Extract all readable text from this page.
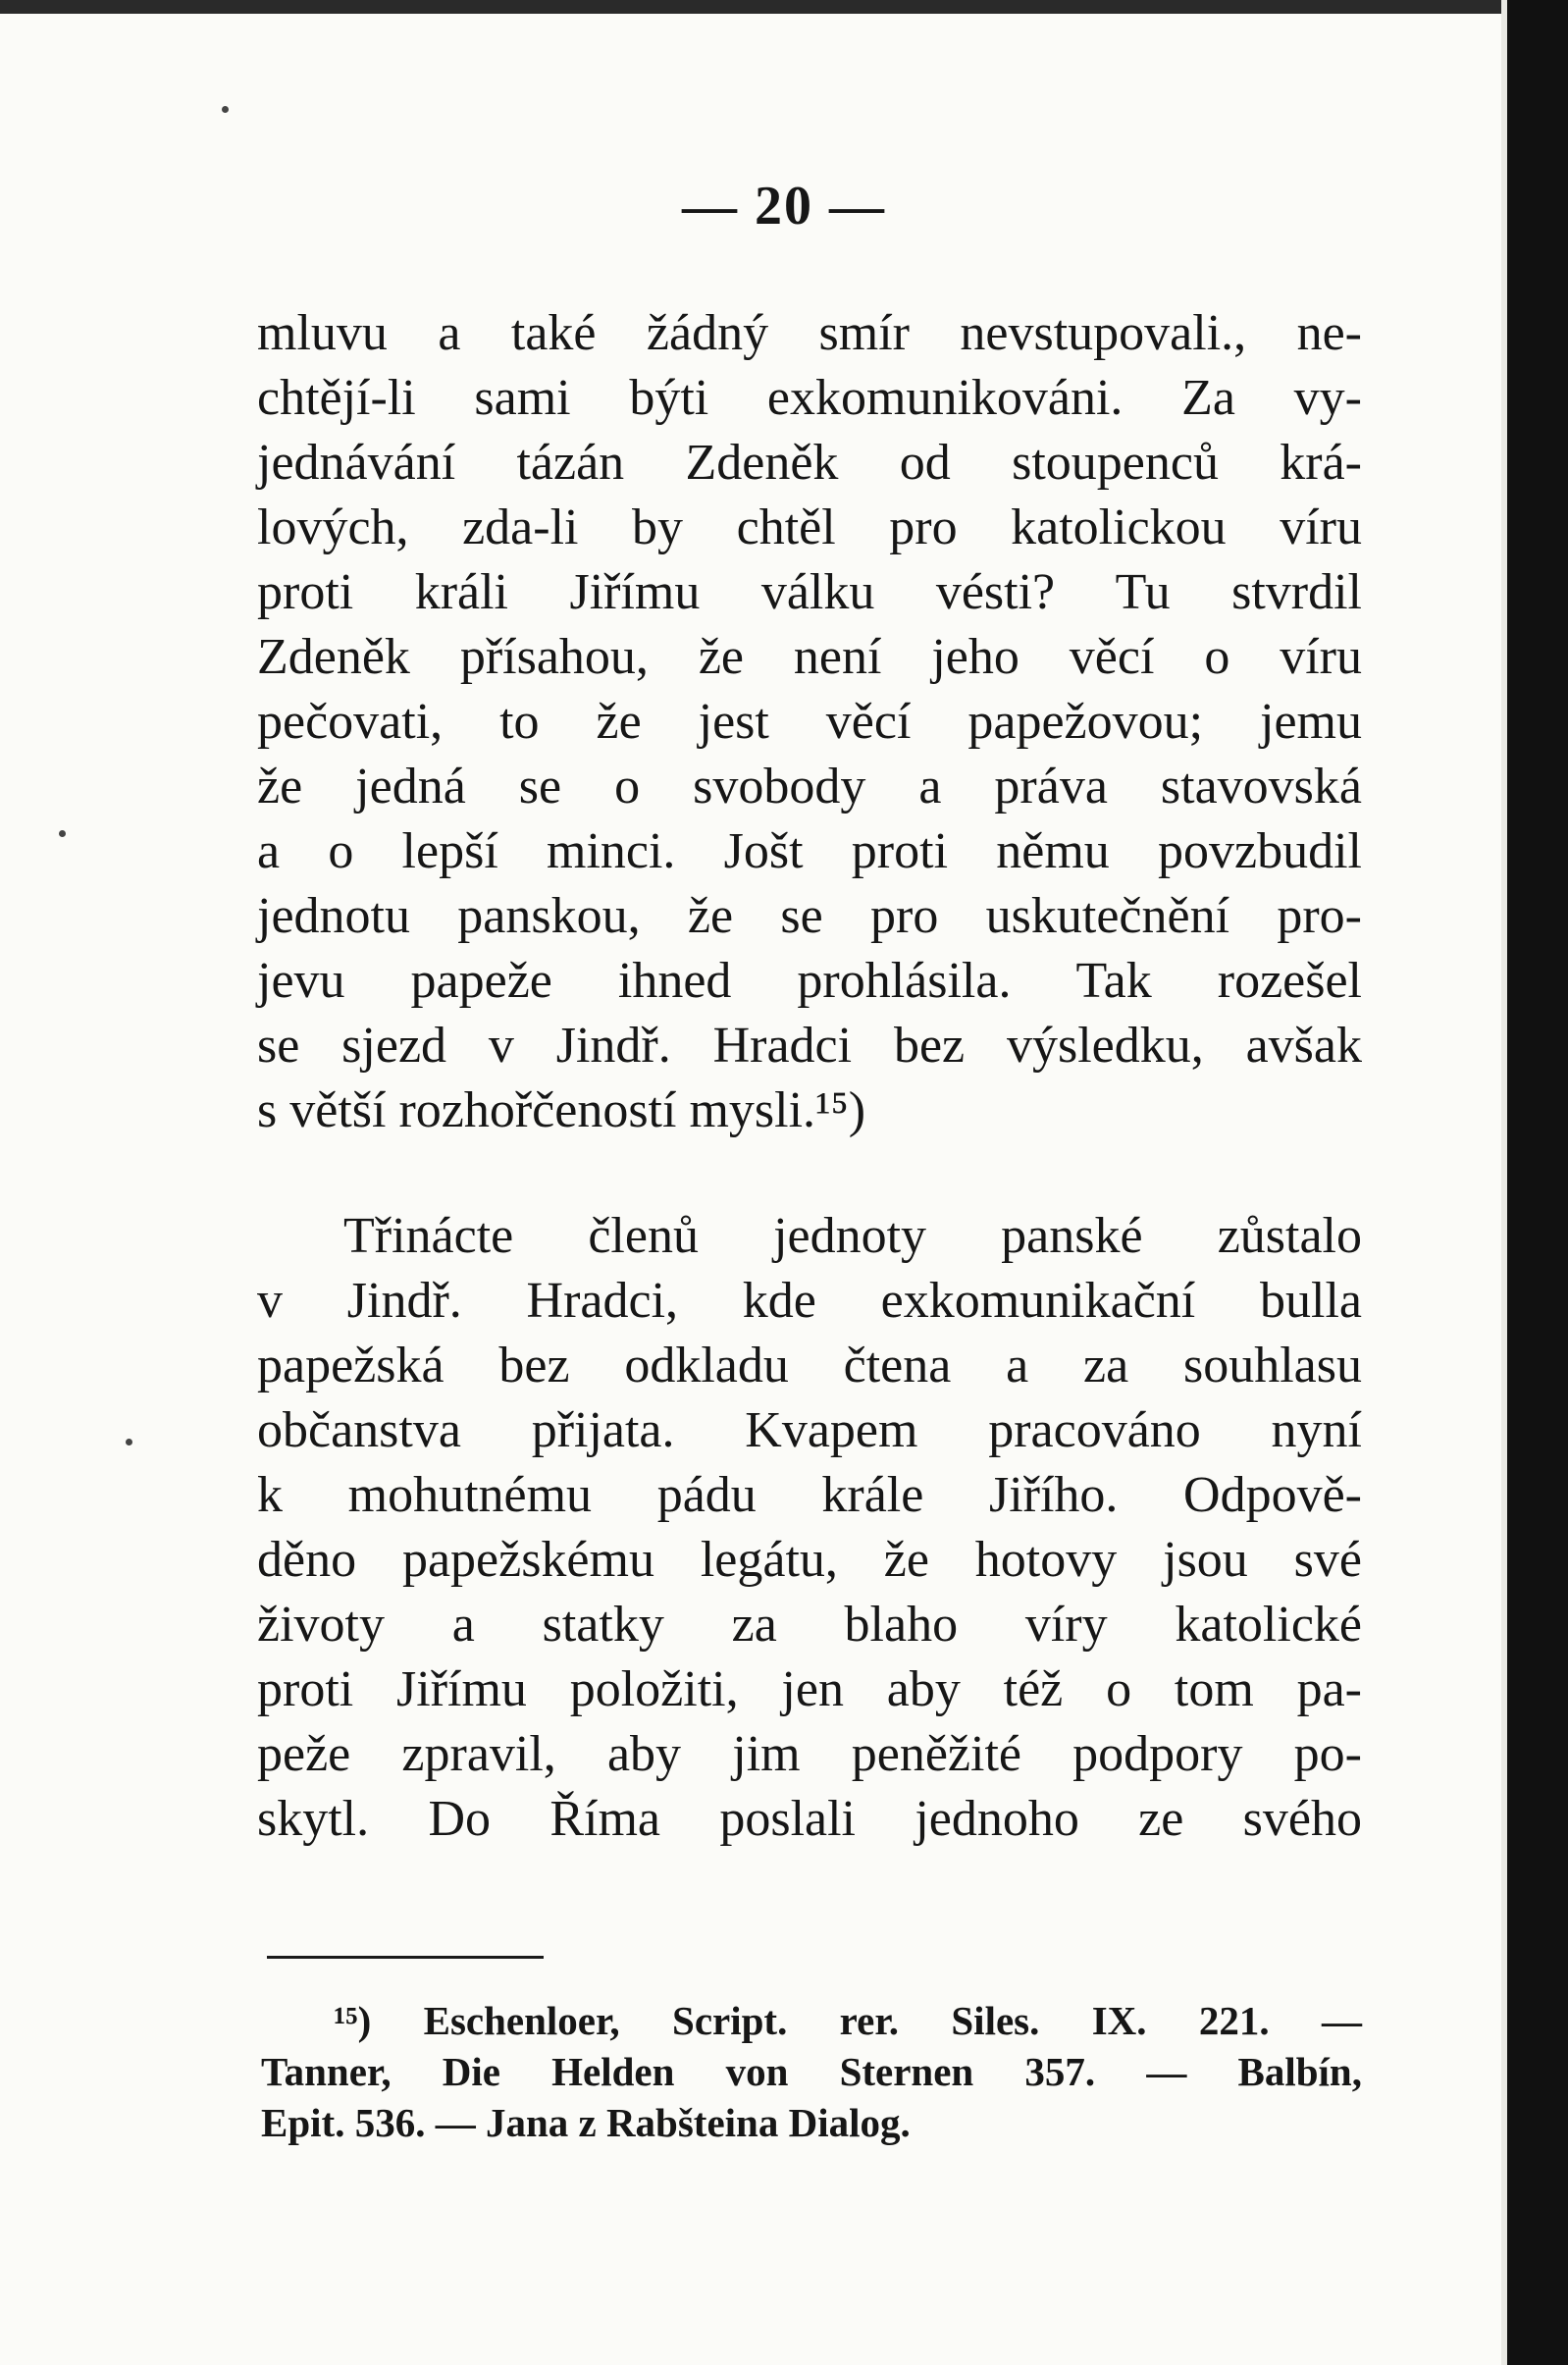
— 20 —
mluvu a také žádný smír nevstupovali., ne-
chtějí-li sami býti exkomunikováni. Za vy-
jednávání tázán Zdeněk od stoupenců krá-
lových, zda-li by chtěl pro katolickou víru
proti králi Jiřímu válku vésti? Tu stvrdil
Zdeněk přísahou, že není jeho věcí o víru
pečovati, to že jest věcí papežovou; jemu
že jedná se o svobody a práva stavovská
a o lepší minci. Jošt proti němu povzbudil
jednotu panskou, že se pro uskutečnění pro-
jevu papeže ihned prohlásila. Tak rozešel
se sjezd v Jindř. Hradci bez výsledku, avšak
s větší rozhořčeností mysli.¹⁵)
Třinácte členů jednoty panské zůstalo
v Jindř. Hradci, kde exkomunikační bulla
papežská bez odkladu čtena a za souhlasu
občanstva přijata. Kvapem pracováno nyní
k mohutnému pádu krále Jiřího. Odpově-
děno papežskému legátu, že hotovy jsou své
životy a statky za blaho víry katolické
proti Jiřímu položiti, jen aby též o tom pa-
peže zpravil, aby jim peněžité podpory po-
skytl. Do Říma poslali jednoho ze svého
¹⁵) Eschenloer, Script. rer. Siles. IX. 221. —
Tanner, Die Helden von Sternen 357. — Balbín,
Epit. 536. — Jana z Rabšteina Dialog.
